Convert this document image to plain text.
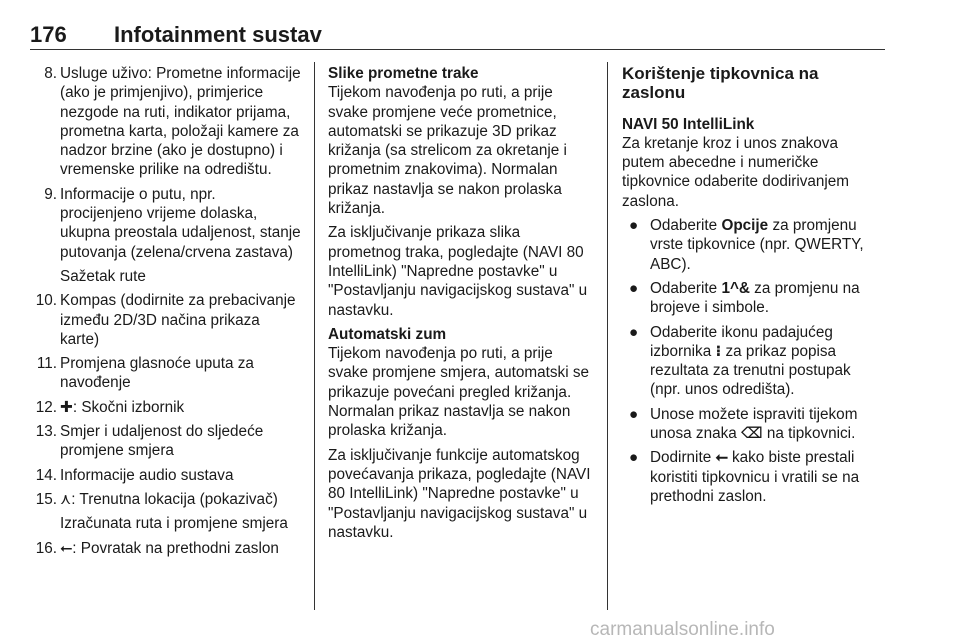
176 Infotainment sustav
8. Usluge uživo: Prometne informacije (ako je primjenjivo), primjerice nezgode na ruti, indikator prijama, prometna karta, položaji kamere za nadzor brzine (ako je dostupno) i vremenske prilike na odredištu.
9. Informacije o putu, npr. procijenjeno vrijeme dolaska, ukupna preostala udaljenost, stanje putovanja (zelena/crvena zastava)
Sažetak rute
10. Kompas (dodirnite za prebacivanje između 2D/3D načina prikaza karte)
11. Promjena glasnoće uputa za navođenje
12. ✚: Skočni izbornik
13. Smjer i udaljenost do sljedeće promjene smjera
14. Informacije audio sustava
15. ⋏: Trenutna lokacija (pokazivač)
Izračunata ruta i promjene smjera
16. ⭠: Povratak na prethodni zaslon
Slike prometne trake
Tijekom navođenja po ruti, a prije svake promjene veće prometnice, automatski se prikazuje 3D prikaz križanja (sa strelicom za okretanje i prometnim znakovima). Normalan prikaz nastavlja se nakon prolaska križanja.
Za isključivanje prikaza slika prometnog traka, pogledajte (NAVI 80 IntelliLink) "Napredne postavke" u "Postavljanju navigacijskog sustava" u nastavku.
Automatski zum
Tijekom navođenja po ruti, a prije svake promjene smjera, automatski se prikazuje povećani pregled križanja. Normalan prikaz nastavlja se nakon prolaska križanja.
Za isključivanje funkcije automatskog povećavanja prikaza, pogledajte (NAVI 80 IntelliLink) "Napredne postavke" u "Postavljanju navigacijskog sustava" u nastavku.
Korištenje tipkovnica na zaslonu
NAVI 50 IntelliLink
Za kretanje kroz i unos znakova putem abecedne i numeričke tipkovnice odaberite dodirivanjem zaslona.
● Odaberite Opcije za promjenu vrste tipkovnice (npr. QWERTY, ABC).
● Odaberite 1^& za promjenu na brojeve i simbole.
● Odaberite ikonu padajućeg izbornika ⁝ za prikaz popisa rezultata za trenutni postupak (npr. unos odredišta).
● Unose možete ispraviti tijekom unosa znaka ⌫ na tipkovnici.
● Dodirnite ⭠ kako biste prestali koristiti tipkovnicu i vratili se na prethodni zaslon.
carmanualsonline.info
